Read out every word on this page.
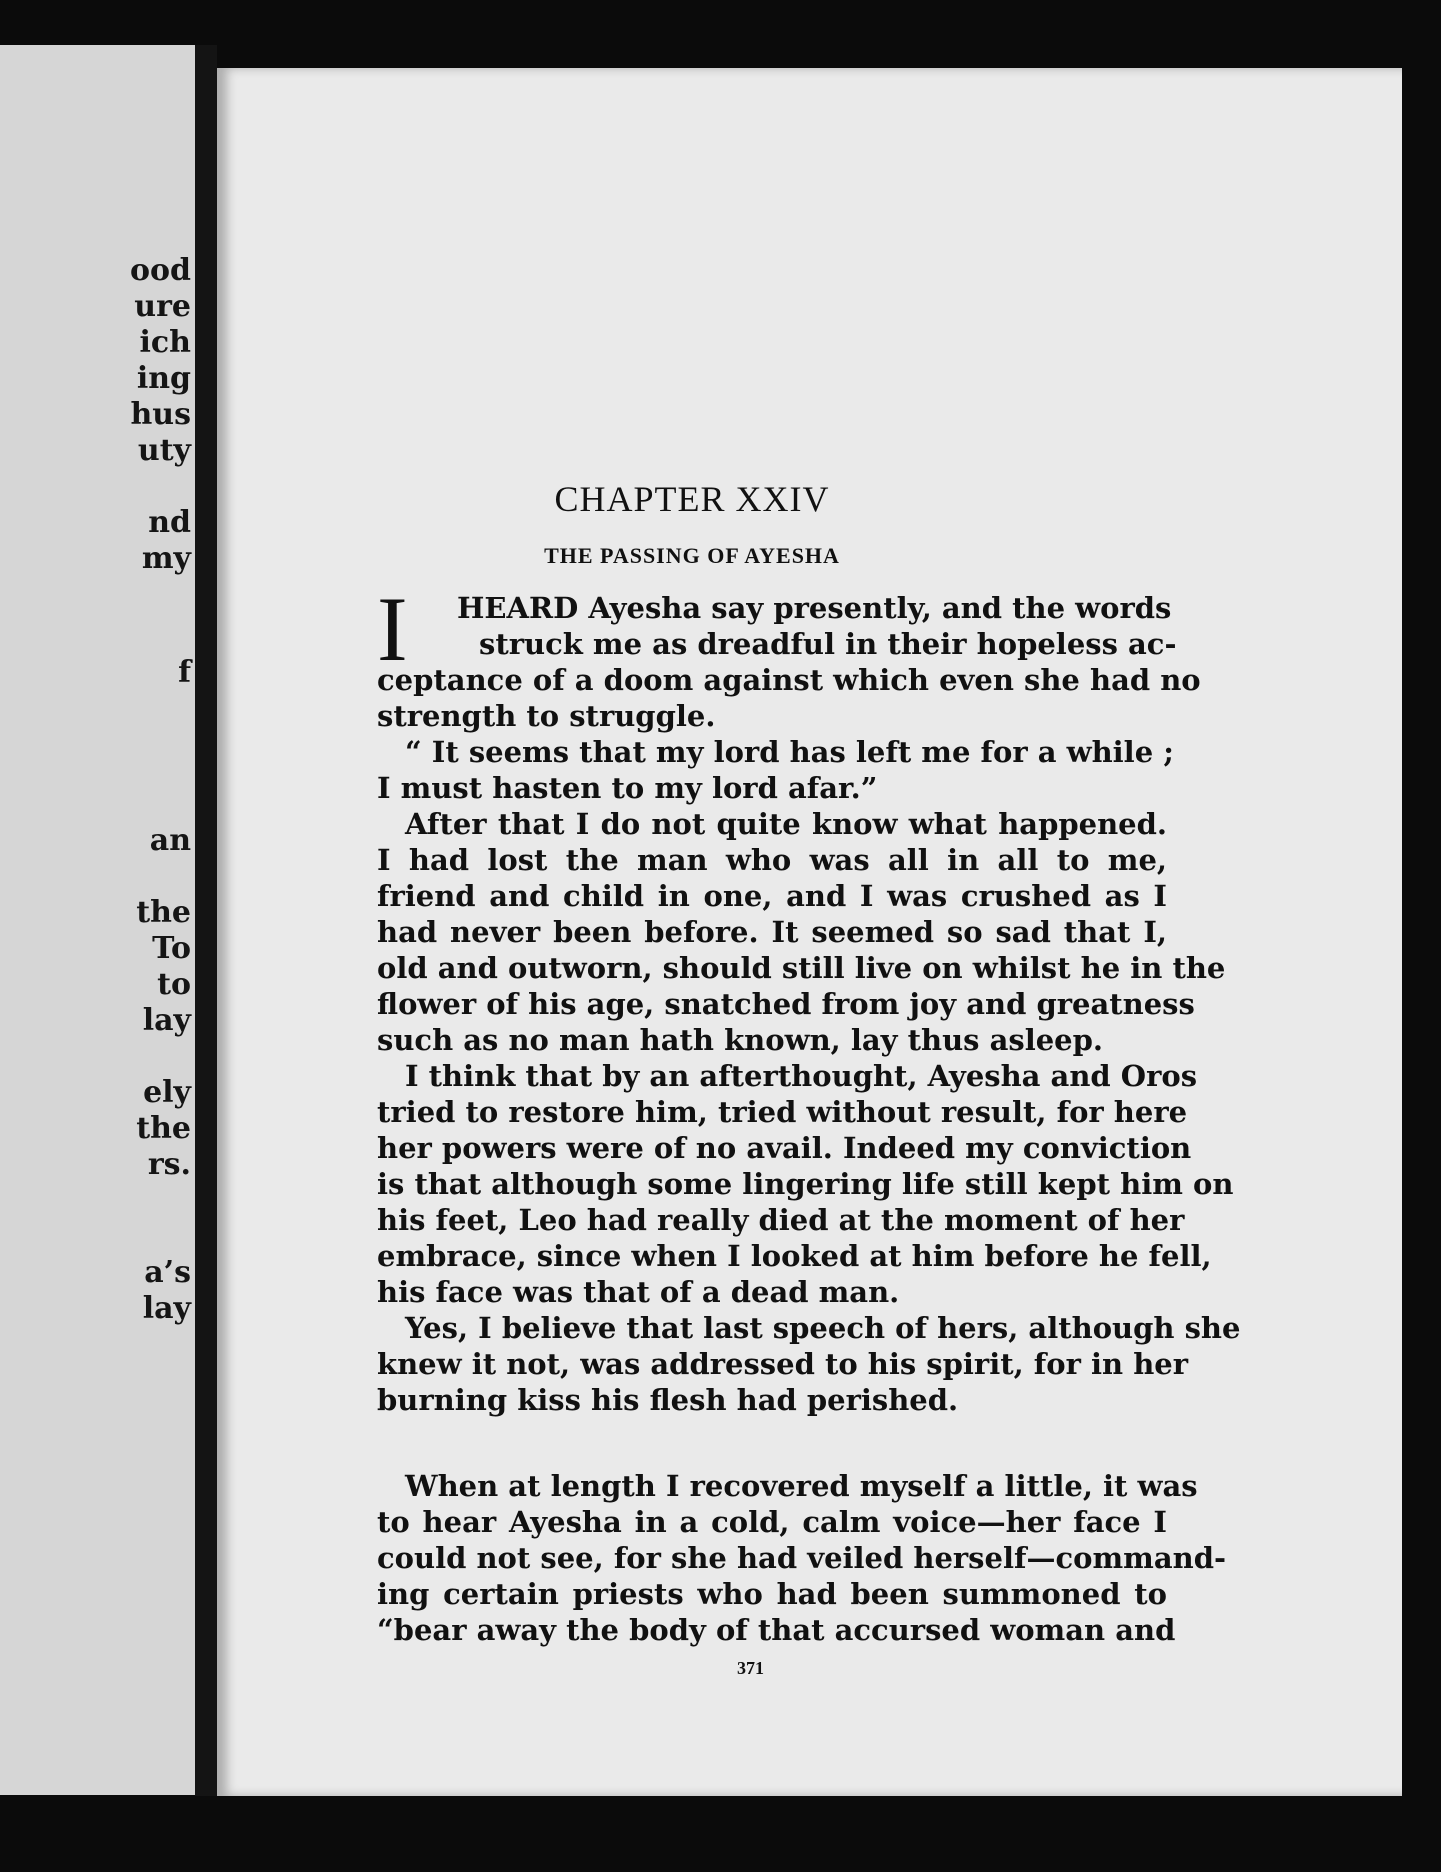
ood
ure
ich
ing
hus
uty
nd
my
f
an
the
To
to
lay
ely
the
rs.
a’s
lay
CHAPTER XXIV
THE PASSING OF AYESHA
I HEARD Ayesha say presently, and the words
struck me as dreadful in their hopeless ac-
ceptance of a doom against which even she had no
strength to struggle.
“ It seems that my lord has left me for a while ;
I must hasten to my lord afar.”
After that I do not quite know what happened.
I had lost the man who was all in all to me,
friend and child in one, and I was crushed as I
had never been before. It seemed so sad that I,
old and outworn, should still live on whilst he in the
flower of his age, snatched from joy and greatness
such as no man hath known, lay thus asleep.
I think that by an afterthought, Ayesha and Oros
tried to restore him, tried without result, for here
her powers were of no avail. Indeed my conviction
is that although some lingering life still kept him on
his feet, Leo had really died at the moment of her
embrace, since when I looked at him before he fell,
his face was that of a dead man.
Yes, I believe that last speech of hers, although she
knew it not, was addressed to his spirit, for in her
burning kiss his flesh had perished.
When at length I recovered myself a little, it was
to hear Ayesha in a cold, calm voice—her face I
could not see, for she had veiled herself—command-
ing certain priests who had been summoned to
“bear away the body of that accursed woman and
371
